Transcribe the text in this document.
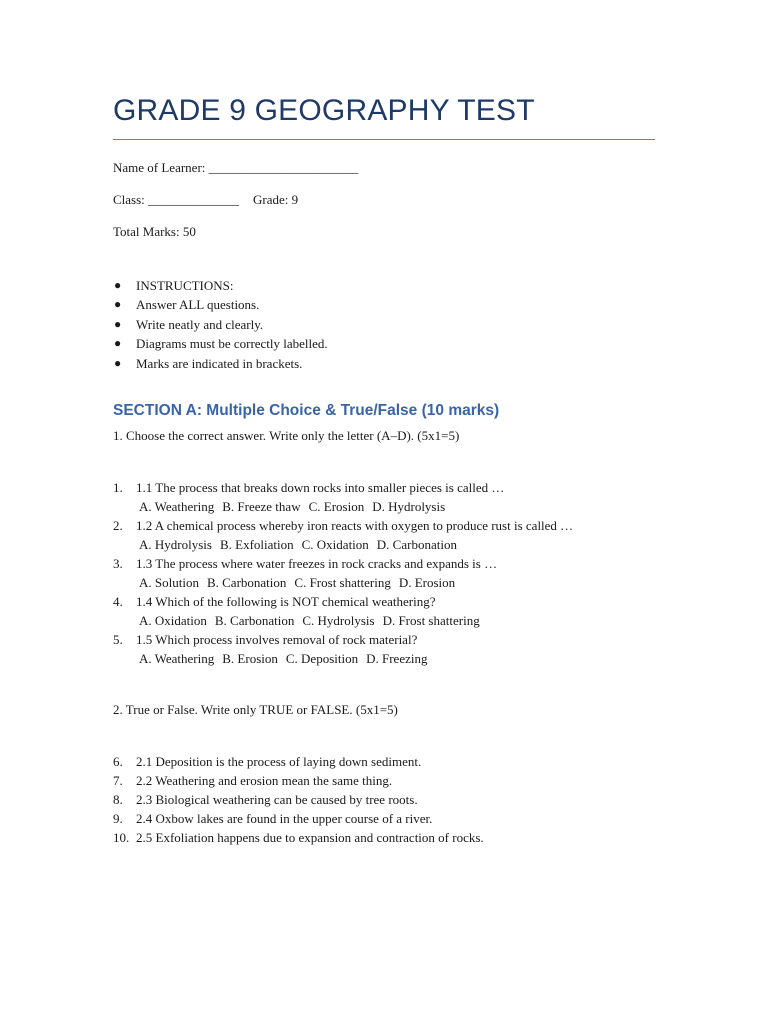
GRADE 9 GEOGRAPHY TEST
Name of Learner: _______________________
Class: ______________ Grade: 9
Total Marks: 50
● INSTRUCTIONS:
● Answer ALL questions.
● Write neatly and clearly.
● Diagrams must be correctly labelled.
● Marks are indicated in brackets.
SECTION A: Multiple Choice & True/False (10 marks)
1. Choose the correct answer. Write only the letter (A–D). (5x1=5)
1. 1.1 The process that breaks down rocks into smaller pieces is called …
A. Weathering B. Freeze thaw C. Erosion D. Hydrolysis
2. 1.2 A chemical process whereby iron reacts with oxygen to produce rust is called …
A. Hydrolysis B. Exfoliation C. Oxidation D. Carbonation
3. 1.3 The process where water freezes in rock cracks and expands is …
A. Solution B. Carbonation C. Frost shattering D. Erosion
4. 1.4 Which of the following is NOT chemical weathering?
A. Oxidation B. Carbonation C. Hydrolysis D. Frost shattering
5. 1.5 Which process involves removal of rock material?
A. Weathering B. Erosion C. Deposition D. Freezing
2. True or False. Write only TRUE or FALSE. (5x1=5)
6. 2.1 Deposition is the process of laying down sediment.
7. 2.2 Weathering and erosion mean the same thing.
8. 2.3 Biological weathering can be caused by tree roots.
9. 2.4 Oxbow lakes are found in the upper course of a river.
10. 2.5 Exfoliation happens due to expansion and contraction of rocks.
